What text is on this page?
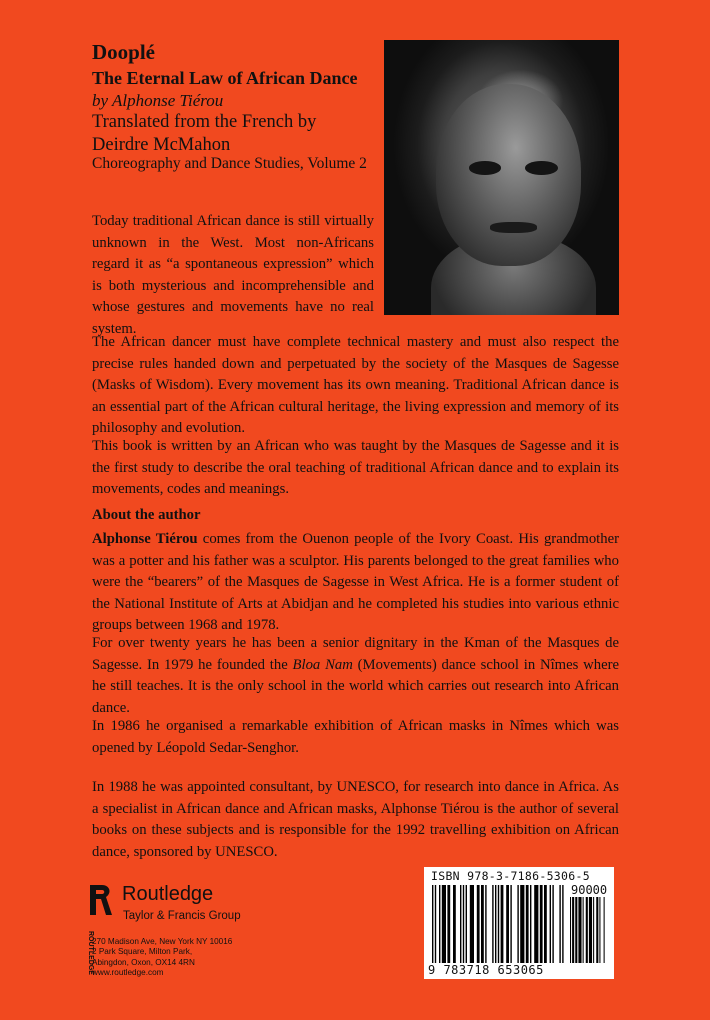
Dooplé
The Eternal Law of African Dance
by Alphonse Tiérou
Translated from the French by Deirdre McMahon
Choreography and Dance Studies, Volume 2

Today traditional African dance is still virtually unknown in the West. Most non-Africans regard it as “a spontaneous expression” which is both mysterious and incomprehensible and whose gestures and movements have no real system.

The African dancer must have complete technical mastery and must also respect the precise rules handed down and perpetuated by the society of the Masques de Sagesse (Masks of Wisdom). Every movement has its own meaning. Traditional African dance is an essential part of the African cultural heritage, the living expression and memory of its philosophy and evolution.

This book is written by an African who was taught by the Masques de Sagesse and it is the first study to describe the oral teaching of traditional African dance and to explain its movements, codes and meanings.

About the author

Alphonse Tiérou comes from the Ouenon people of the Ivory Coast. His grandmother was a potter and his father was a sculptor. His parents belonged to the great families who were the “bearers” of the Masques de Sagesse in West Africa. He is a former student of the National Institute of Arts at Abidjan and he completed his studies into various ethnic groups between 1968 and 1978.

For over twenty years he has been a senior dignitary in the Kman of the Masques de Sagesse. In 1979 he founded the Bloa Nam (Movements) dance school in Nîmes where he still teaches. It is the only school in the world which carries out research into African dance.

In 1986 he organised a remarkable exhibition of African masks in Nîmes which was opened by Léopold Sedar-Senghor.

In 1988 he was appointed consultant, by UNESCO, for research into dance in Africa. As a specialist in African dance and African masks, Alphonse Tiérou is the author of several books on these subjects and is responsible for the 1992 travelling exhibition on African dance, sponsored by UNESCO.

ROUTLEDGE
Routledge
Taylor & Francis Group
270 Madison Ave, New York NY 10016
2 Park Square, Milton Park,
Abingdon, Oxon, OX14 4RN
www.routledge.com
ISBN 978-3-7186-5306-5
90000
9 783718 653065
